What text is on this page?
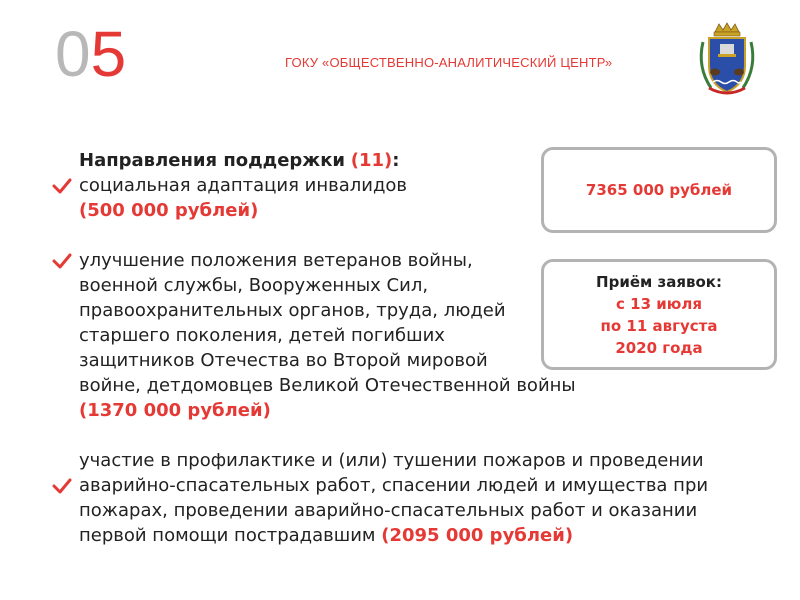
05	ГОКУ «ОБЩЕСТВЕННО-АНАЛИТИЧЕСКИЙ ЦЕНТР»

Направления поддержки (11):

социальная адаптация инвалидов

(500 000 рублей)

улучшение положения ветеранов войны,

военной службы, Вооруженных Сил,

правоохранительных органов, труда, людей

старшего поколения, детей погибших

защитников Отечества во Второй мировой

войне, детдомовцев Великой Отечественной войны

(1370 000 рублей)

участие в профилактике и (или) тушении пожаров и проведении

аварийно-спасательных работ, спасении людей и имущества при

пожарах, проведении аварийно-спасательных работ и оказании

первой помощи пострадавшим (2095 000 рублей)

7365 000 рублей
Приём заявок:
с 13 июля
по 11 августа
2020 года
